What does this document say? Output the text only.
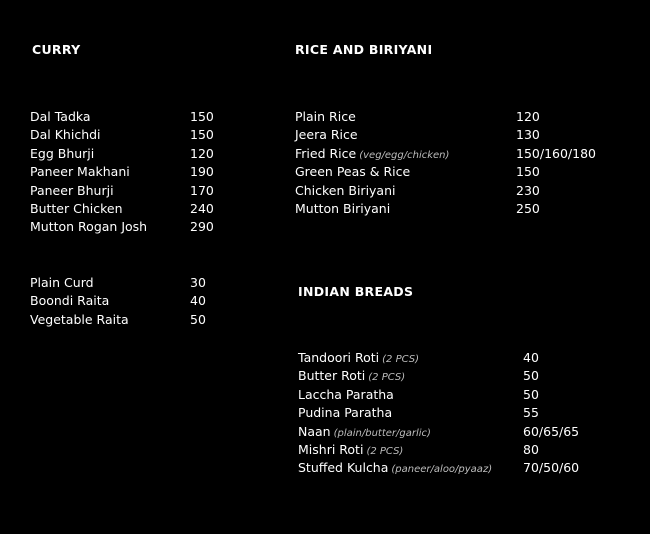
CURRY	RICE AND BIRIYANI
INDIAN BREADS
Dal Tadka	150
Dal Khichdi	150
Egg Bhurji	120
Paneer Makhani	190
Paneer Bhurji	170
Butter Chicken	240
Mutton Rogan Josh	290
Plain Curd	30
Boondi Raita	40
Vegetable Raita	50
Plain Rice	120
Jeera Rice	130
Fried Rice (veg/egg/chicken)	150/160/180
Green Peas & Rice	150
Chicken Biriyani	230
Mutton Biriyani	250
Tandoori Roti (2 PCS)	40
Butter Roti (2 PCS)	50
Laccha Paratha	50
Pudina Paratha	55
Naan (plain/butter/garlic)	60/65/65
Mishri Roti (2 PCS)	80
Stuffed Kulcha (paneer/aloo/pyaaz) 70/50/60
